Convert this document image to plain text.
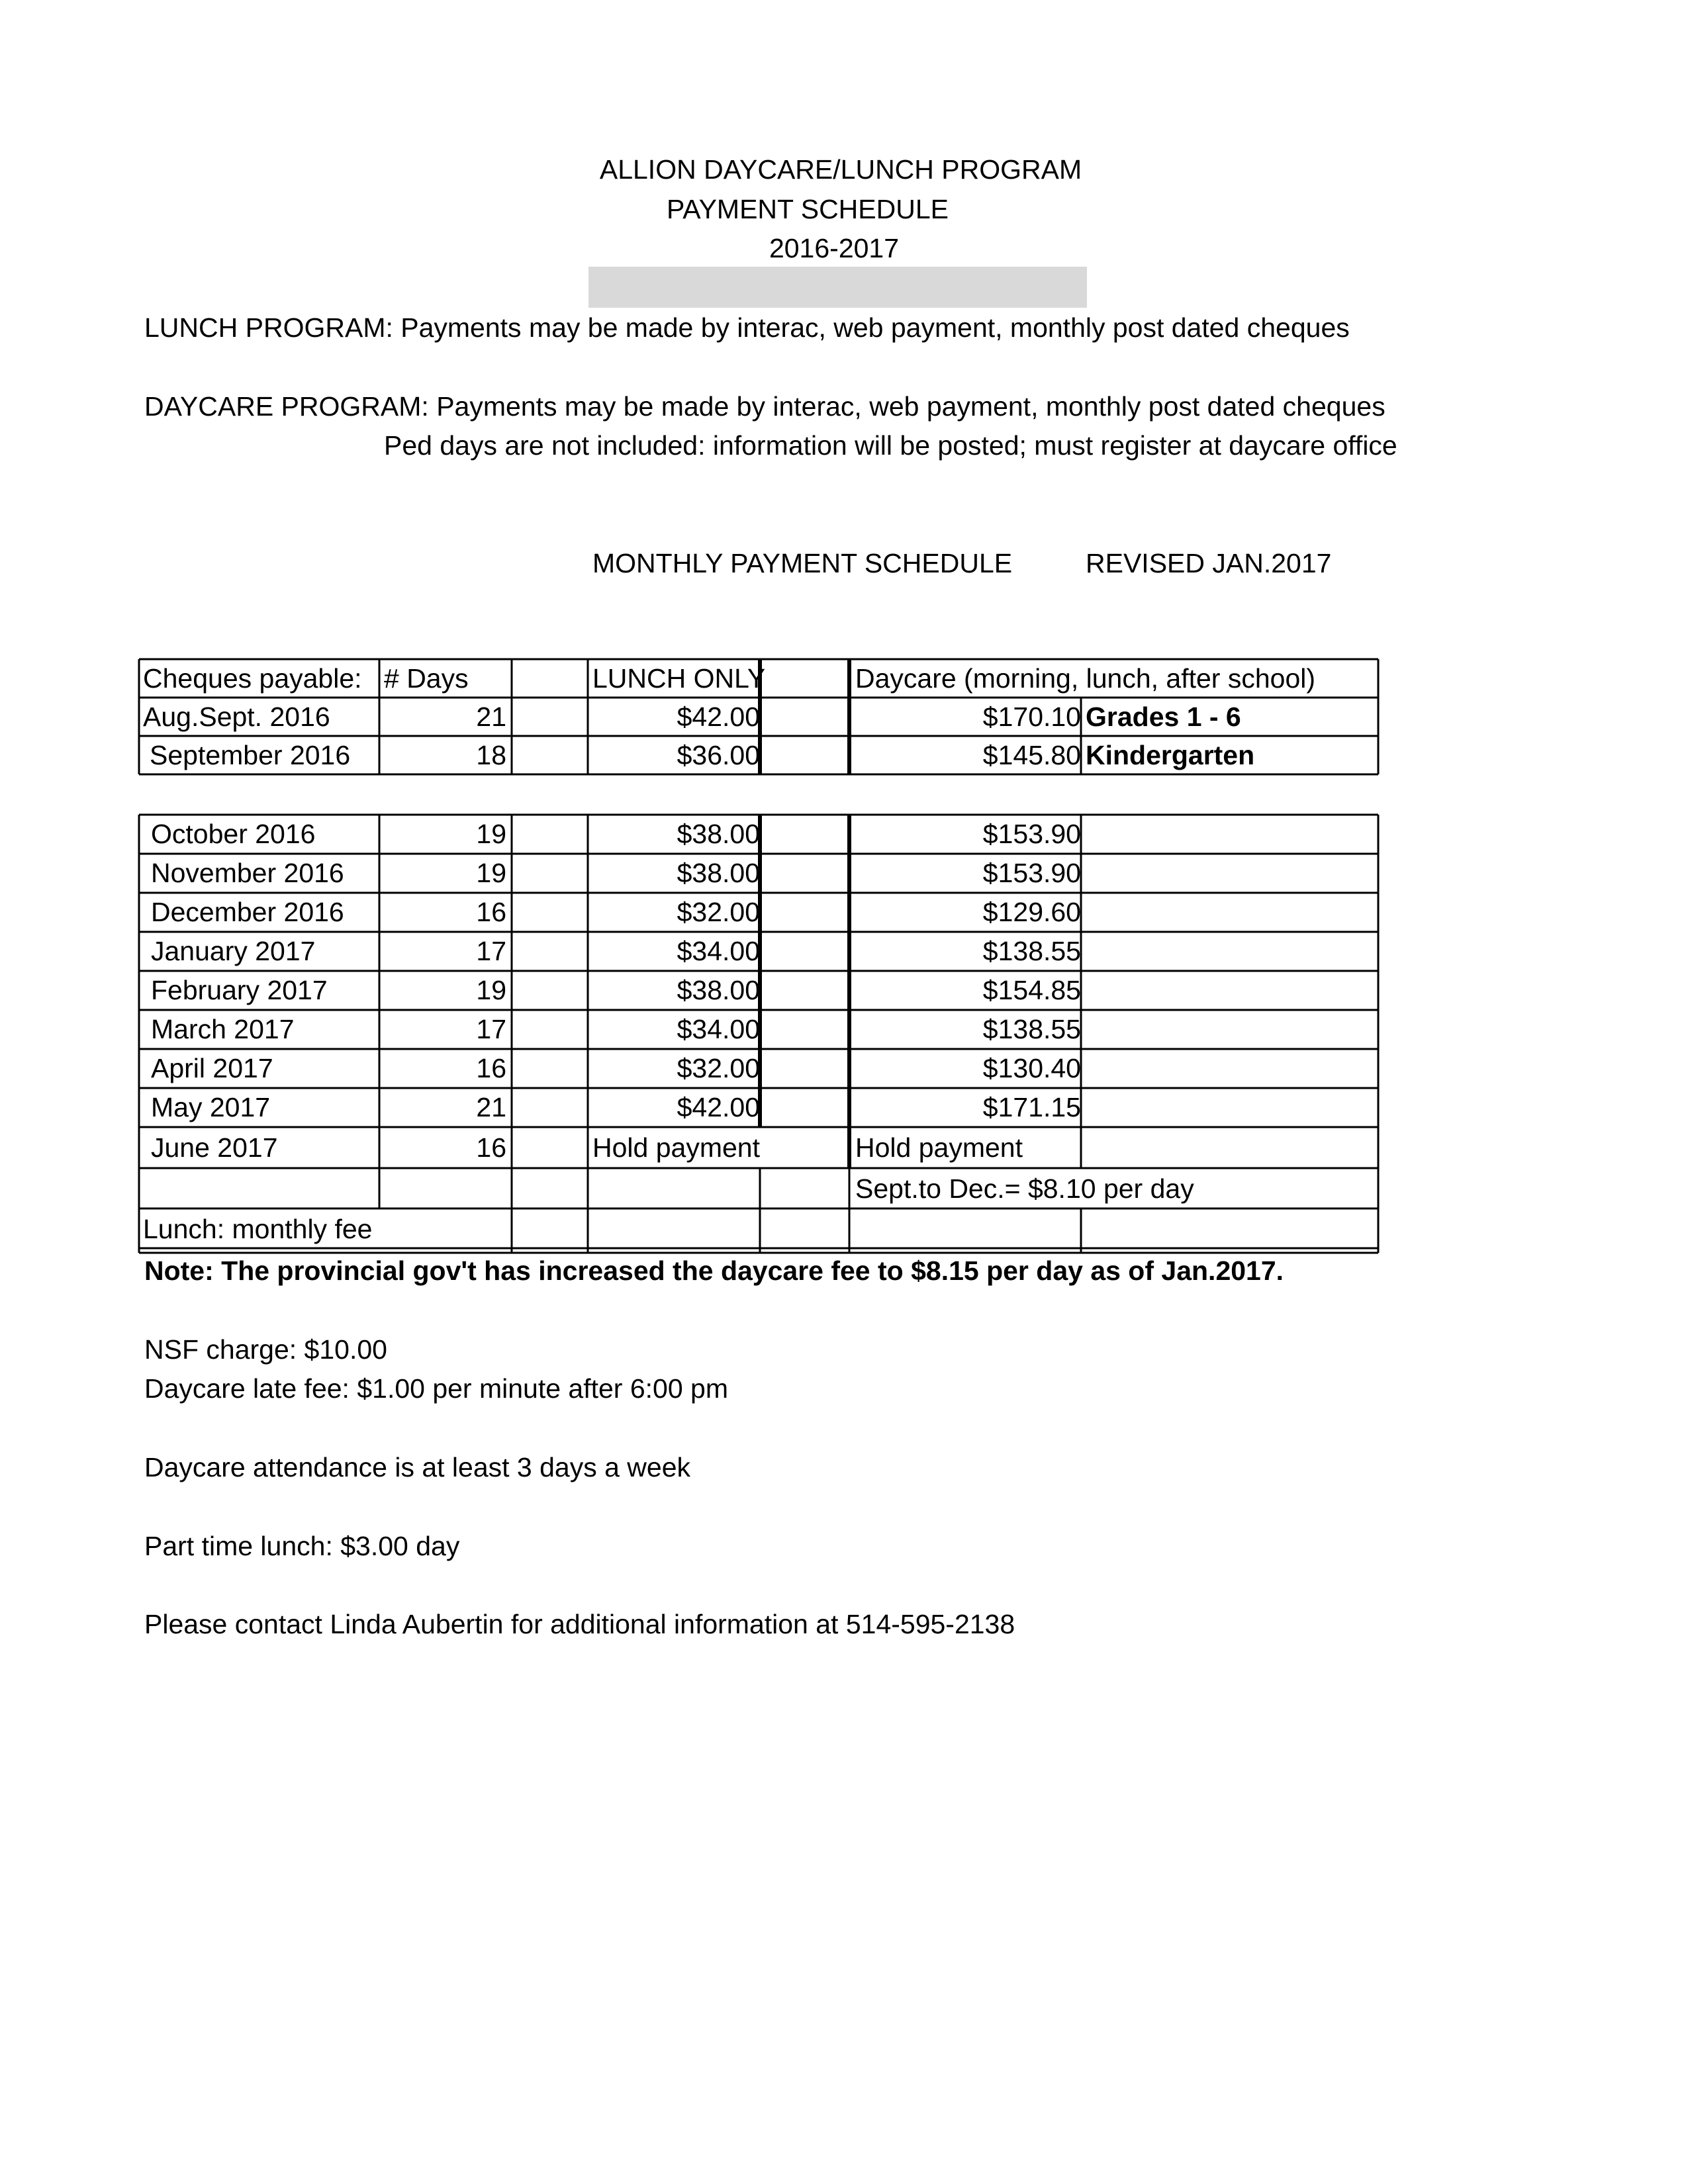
ALLION DAYCARE/LUNCH PROGRAM
PAYMENT SCHEDULE
2016-2017
LUNCH PROGRAM: Payments may be made by interac, web payment, monthly post dated cheques
DAYCARE PROGRAM: Payments may be made by interac, web payment, monthly post dated cheques
Ped days are not included: information will be posted; must register at daycare office
MONTHLY PAYMENT SCHEDULE	REVISED JAN.2017
Cheques payable: # Days	LUNCH ONLY	Daycare (morning, lunch, after school)
Aug.Sept. 2016	21	$42.00	$170.10 Grades 1 - 6
September 2016	18	$36.00	$145.80 Kindergarten
October 2016	19	$38.00	$153.90
November 2016	19	$38.00	$153.90
December 2016	16	$32.00	$129.60
January 2017	17	$34.00	$138.55
February 2017	19	$38.00	$154.85
March 2017	17	$34.00	$138.55
April 2017	16	$32.00	$130.40
May 2017	21	$42.00	$171.15
June 2017	16	Hold payment	Hold payment
Sept.to Dec.= $8.10 per day
Lunch: monthly fee
Note: The provincial gov't has increased the daycare fee to $8.15 per day as of Jan.2017.
NSF charge: $10.00
Daycare late fee: $1.00 per minute after 6:00 pm
Daycare attendance is at least 3 days a week
Part time lunch: $3.00 day
Please contact Linda Aubertin for additional information at 514-595-2138
